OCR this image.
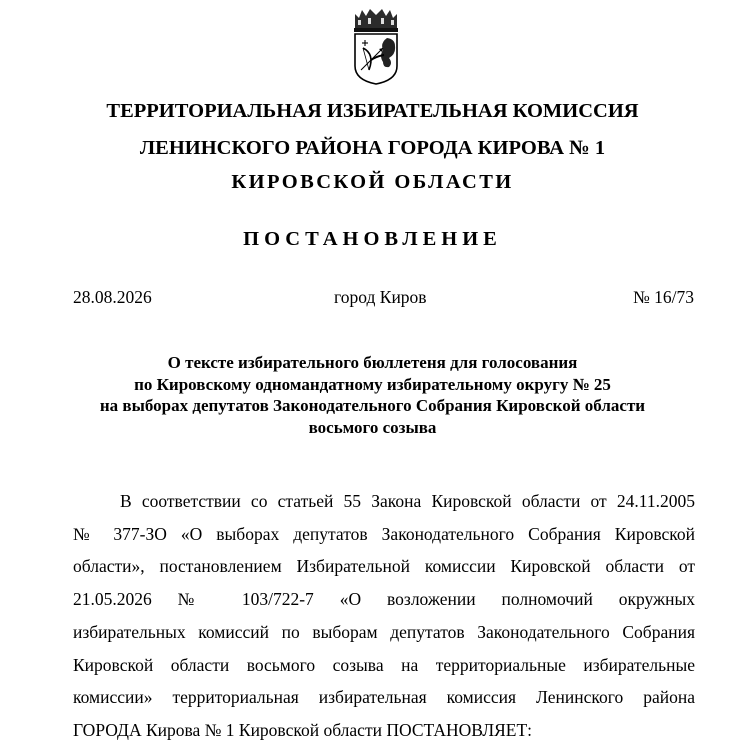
ТЕРРИТОРИАЛЬНАЯ ИЗБИРАТЕЛЬНАЯ КОМИССИЯ
ЛЕНИНСКОГО РАЙОНА ГОРОДА КИРОВА № 1
КИРОВСКОЙ ОБЛАСТИ
ПОСТАНОВЛЕНИЕ
28.08.2026	город Киров	№ 16/73
О тексте избирательного бюллетеня для голосования
по Кировскому одномандатному избирательному округу № 25
на выборах депутатов Законодательного Собрания Кировской области
восьмого созыва
В соответствии со статьей 55 Закона Кировской области от 24.11.2005
№ 377-ЗО «О выборах депутатов Законодательного Собрания Кировской
области», постановлением Избирательной комиссии Кировской области от
21.05.2026 № 103/722-7 «О возложении полномочий окружных
избирательных комиссий по выборам депутатов Законодательного Собрания
Кировской области восьмого созыва на территориальные избирательные
комиссии» территориальная избирательная комиссия Ленинского района
ГОРОДА Кирова № 1 Кировской области ПОСТАНОВЛЯЕТ:
